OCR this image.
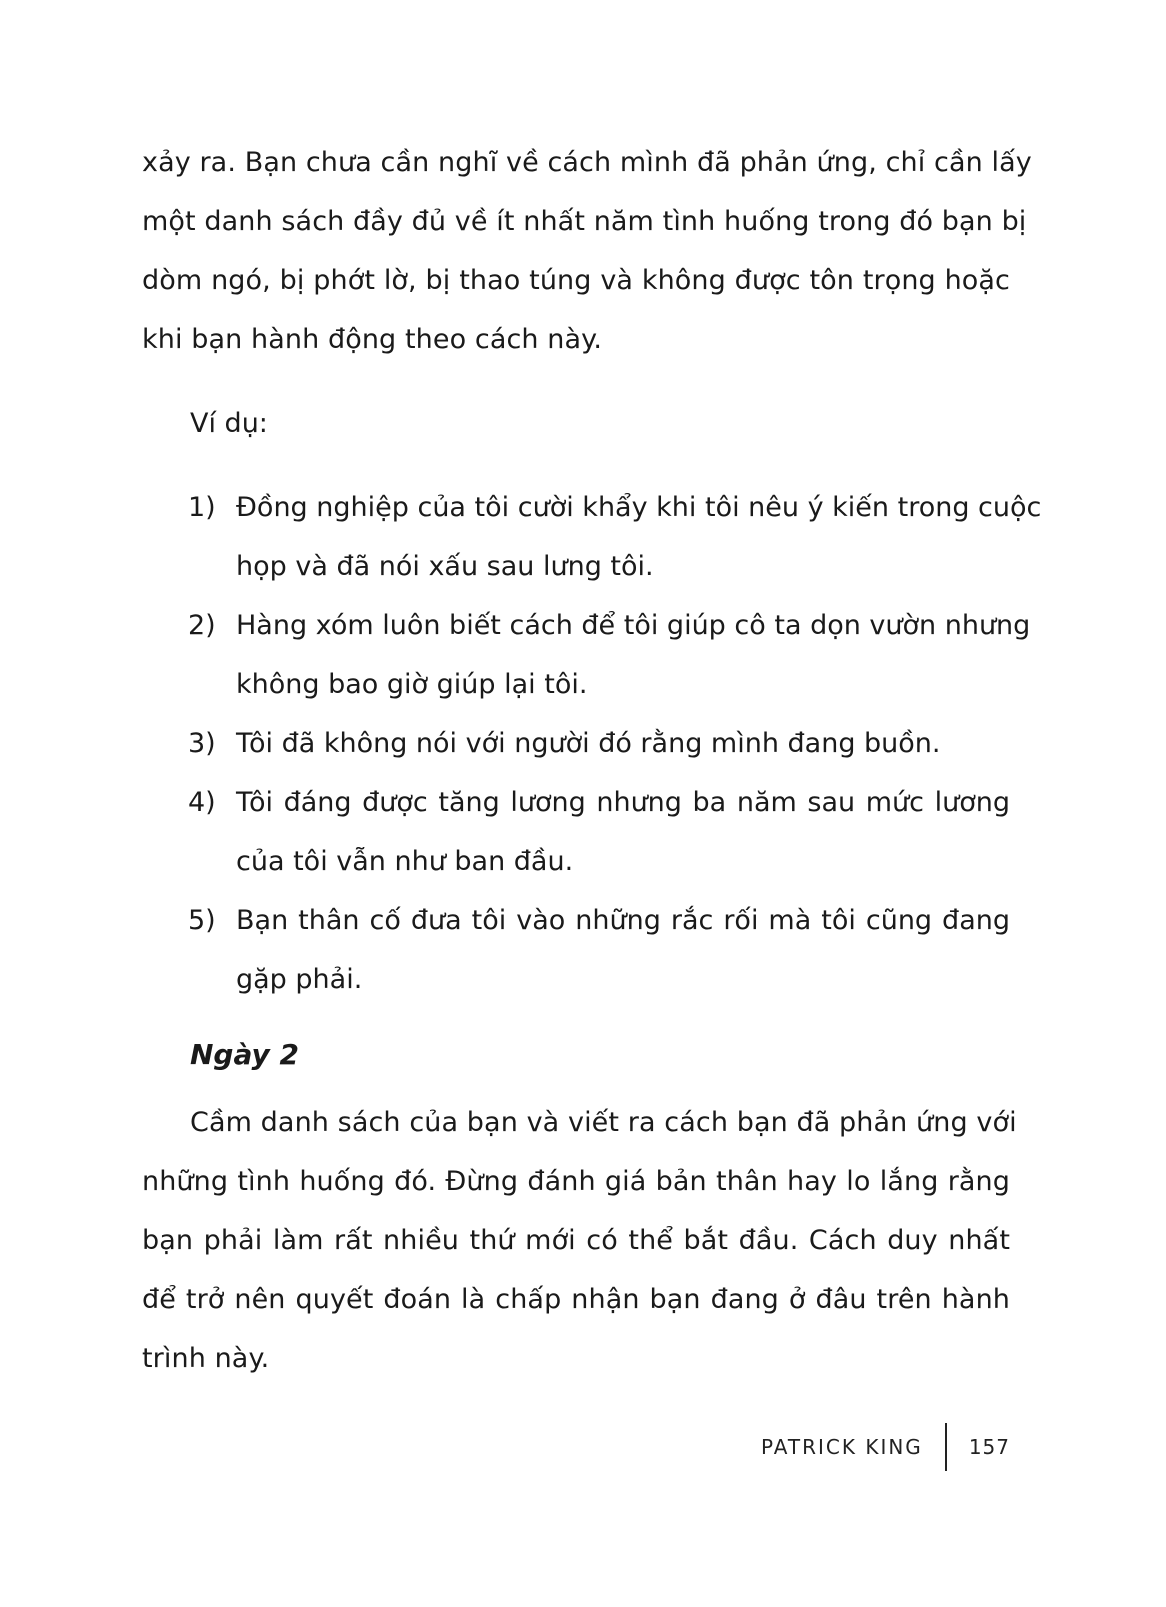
xảy ra. Bạn chưa cần nghĩ về cách mình đã phản ứng, chỉ cần lấy
một danh sách đầy đủ về ít nhất năm tình huống trong đó bạn bị
dòm ngó, bị phớt lờ, bị thao túng và không được tôn trọng hoặc
khi bạn hành động theo cách này.
Ví dụ:
1) Đồng nghiệp của tôi cười khẩy khi tôi nêu ý kiến trong cuộc
họp và đã nói xấu sau lưng tôi.
2) Hàng xóm luôn biết cách để tôi giúp cô ta dọn vườn nhưng
không bao giờ giúp lại tôi.
3) Tôi đã không nói với người đó rằng mình đang buồn.
4) Tôi đáng được tăng lương nhưng ba năm sau mức lương
của tôi vẫn như ban đầu.
5) Bạn thân cố đưa tôi vào những rắc rối mà tôi cũng đang
gặp phải.
Ngày 2
Cầm danh sách của bạn và viết ra cách bạn đã phản ứng với
những tình huống đó. Đừng đánh giá bản thân hay lo lắng rằng
bạn phải làm rất nhiều thứ mới có thể bắt đầu. Cách duy nhất
để trở nên quyết đoán là chấp nhận bạn đang ở đâu trên hành
trình này.
PATRICK KING 157
